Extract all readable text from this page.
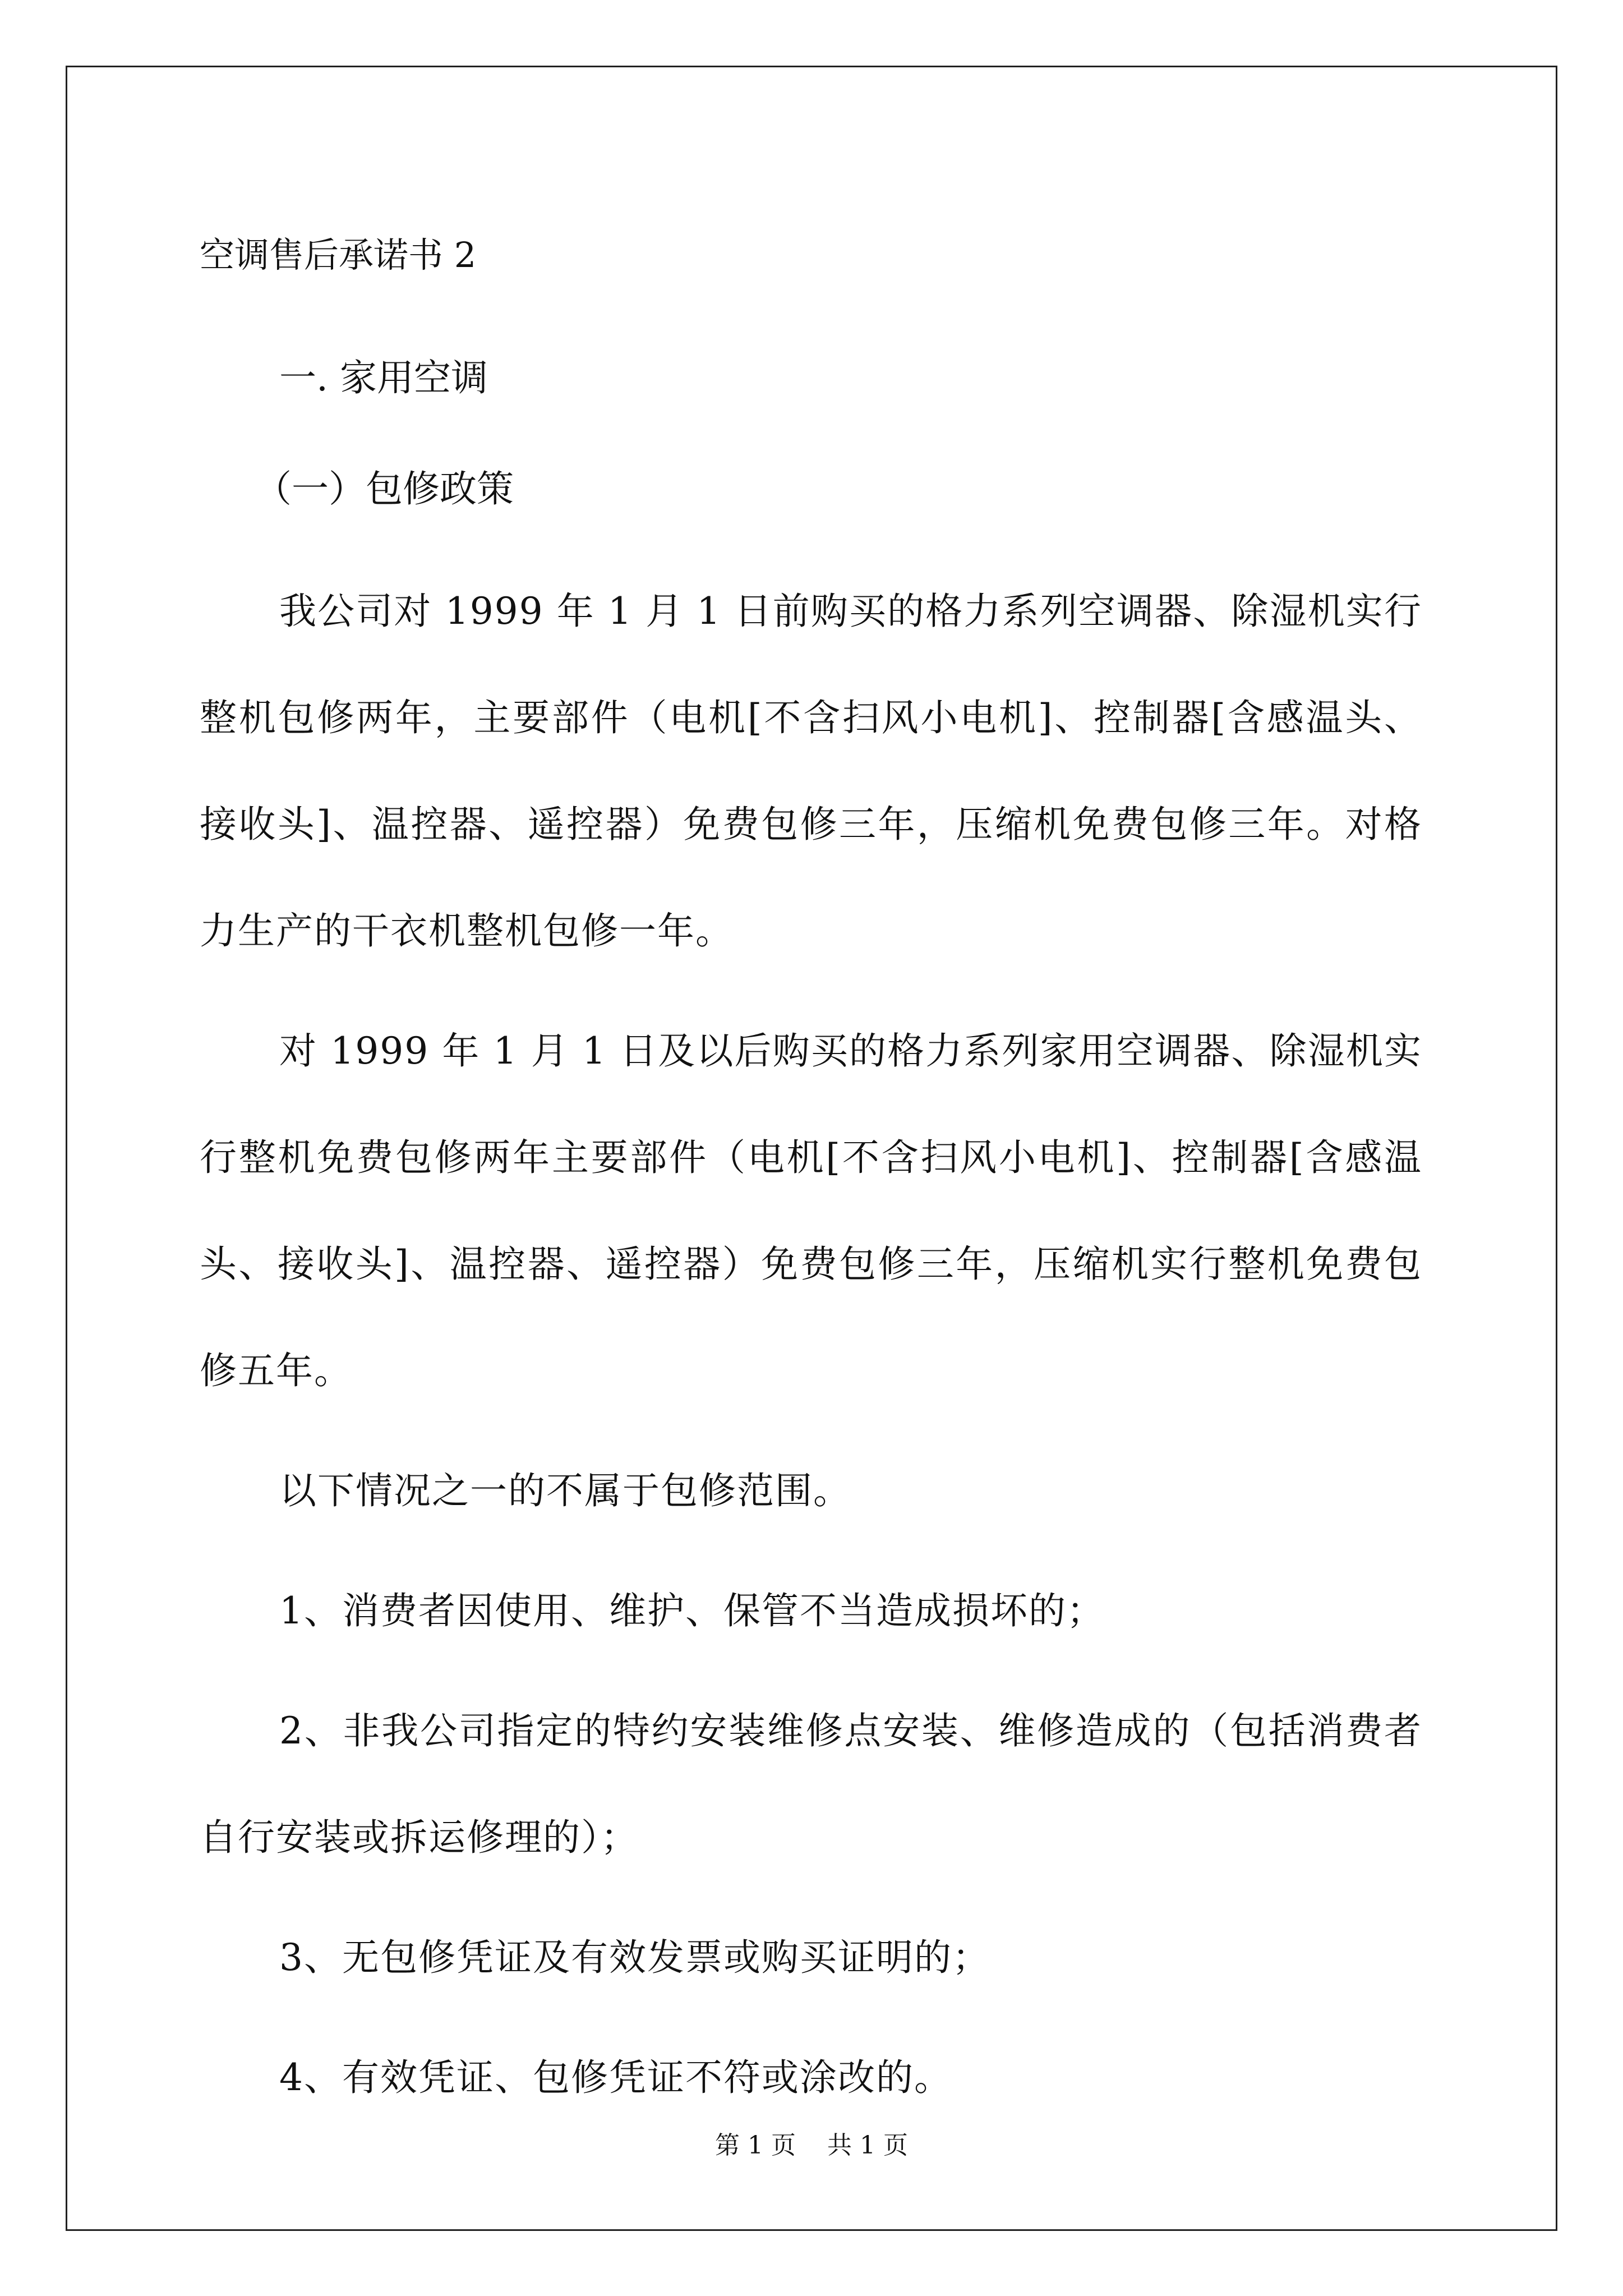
空调售后承诺书 2
一. 家用空调
（一）包修政策

我公司对 1999 年 1 月 1 日前购买的格力系列空调器、除湿机实行整机包修两年，主要部件（电机[不含扫风小电机]、控制器[含感温头、接收头]、温控器、遥控器）免费包修三年，压缩机免费包修三年。对格力生产的干衣机整机包修一年。

对 1999 年 1 月 1 日及以后购买的格力系列家用空调器、除湿机实行整机免费包修两年主要部件（电机[不含扫风小电机]、控制器[含感温头、接收头]、温控器、遥控器）免费包修三年，压缩机实行整机免费包修五年。

以下情况之一的不属于包修范围。

1、消费者因使用、维护、保管不当造成损坏的；

2、非我公司指定的特约安装维修点安装、维修造成的（包括消费者自行安装或拆运修理的）；

3、无包修凭证及有效发票或购买证明的；

4、有效凭证、包修凭证不符或涂改的。

第 1 页 共 1 页
